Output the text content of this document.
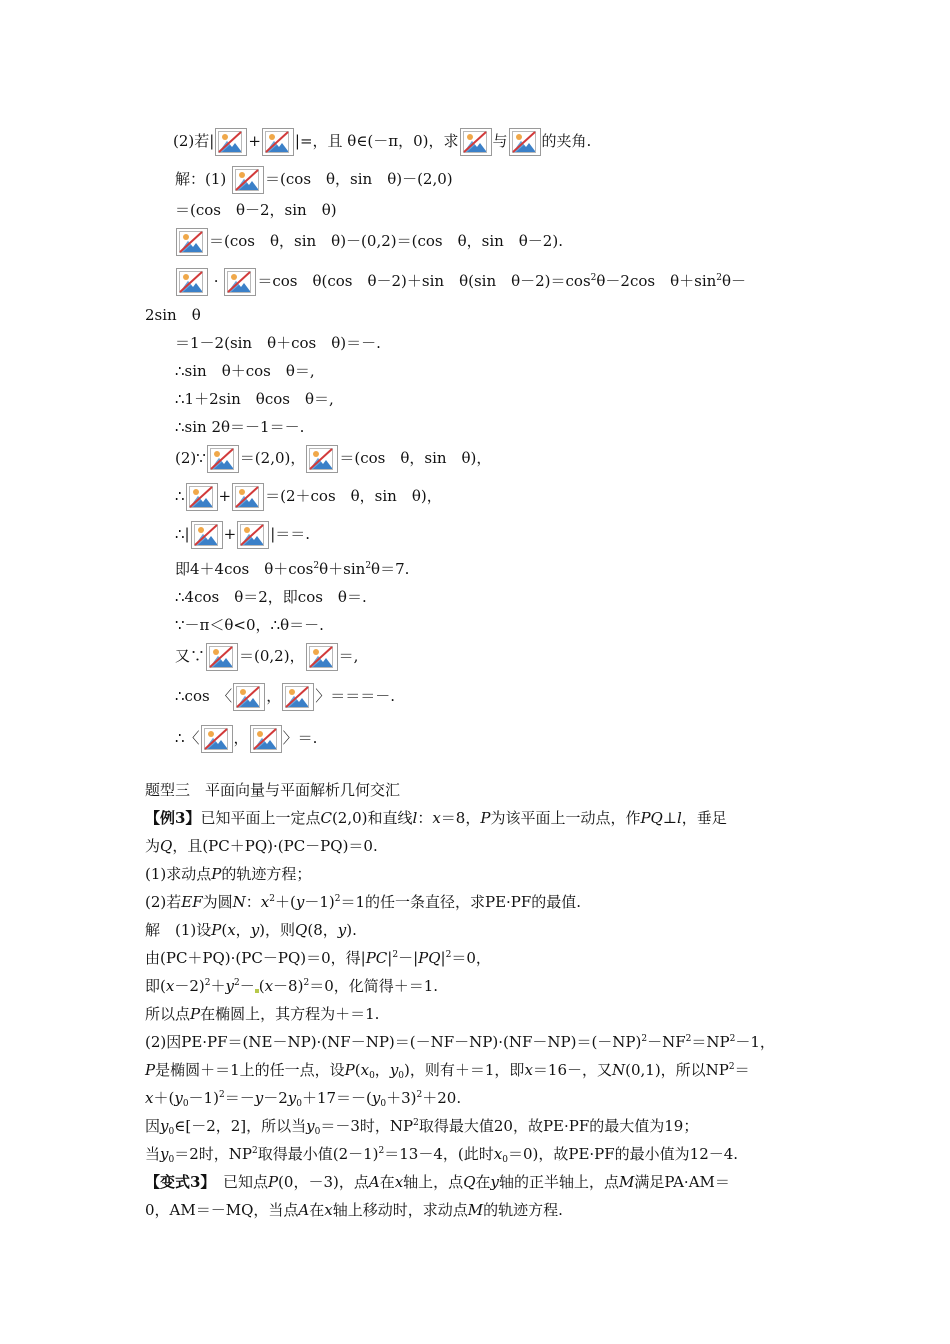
(2)若| + |=，且 θ∈(－π，0)，求 与 的夹角.
解：(1)	＝(cos　θ，sin　θ)－(2,0)
＝(cos　θ－2，sin　θ)
＝(cos　θ，sin　θ)－(0,2)＝(cos　θ，sin　θ－2).
·	＝cos　θ(cos　θ－2)＋sin　θ(sin　$\theta-2)=\cos^2\theta-2\cos$　$\theta+\sin^2\theta-$
2sin　θ
＝1－2(sin　θ＋cos　θ)＝－.
∴sin　θ＋cos　θ＝,
∴1＋2sin　θcos　θ＝,
∴sin 2θ＝－1＝－.
(2)∵ ＝(2,0)， ＝(cos　θ，sin　θ)，
∴ + ＝(2＋cos　θ，sin　θ)，
∴| + |＝＝.
即4＋4cos　$\theta+\cos^2\theta+\sin^2\theta=7$.
∴4cos　θ＝2，即cos　θ＝.
∵－π＜θ<0，∴θ＝－.
又∵ ＝(0,2)， ＝,
∴cos　〈 ， 〉＝＝＝－.
∴〈 ， 〉＝.
题型三　平面向量与平面解析几何交汇
【例3】已知平面上一定点C(2,0)和直线l：x＝8，P为该平面上一动点，作PQ⊥l，垂足
为Q，且(PC＋PQ)·(PC－PQ)＝0.
(1)求动点P的轨迹方程；
(2)若EF为圆N：$x^2+(y-1)^2=1$的任一条直径，求PE·PF的最值.
解　(1)设P(x，y)，则Q(8，y).
由(PC＋PQ)·(PC－PQ)＝0，得$|PC|^2-|PQ|^2=0$，
即$(x-2)^2+y^2- (x-8)^2=0$，化简得＋＝1.
所以点P在椭圆上，其方程为＋＝1.
(2)因$PE\cdot PF=(NE-NP)\cdot(NF-NP)=(-NF-NP)\cdot(NF-NP)=(-NP)^2-NF^2=NP^2-1$，
P是椭圆＋＝1上的任一点，设$P(x_0$，$y_0$)，则有＋＝1，即x＝16－，又N(0,1)，所以$NP^2=$
$x+(y_0-1)^2=-y-2y_0+17=-(y_0+3)^2+20$.
因$y_0\in[-2$，2]，所以当$y_0=-3$时，$NP^2$取得最大值20，故PE·PF的最大值为19；
当$y_0=2$时，$NP^2$取得最小值$(2-1)^2=13-4$，(此时$x_0=0$)，故PE·PF的最小值为12－4.
【变式3】　已知点P(0，－3)，点A在x轴上，点Q在y轴的正半轴上，点M满足PA·AM＝
0，AM＝－MQ，当点A在x轴上移动时，求动点M的轨迹方程.
